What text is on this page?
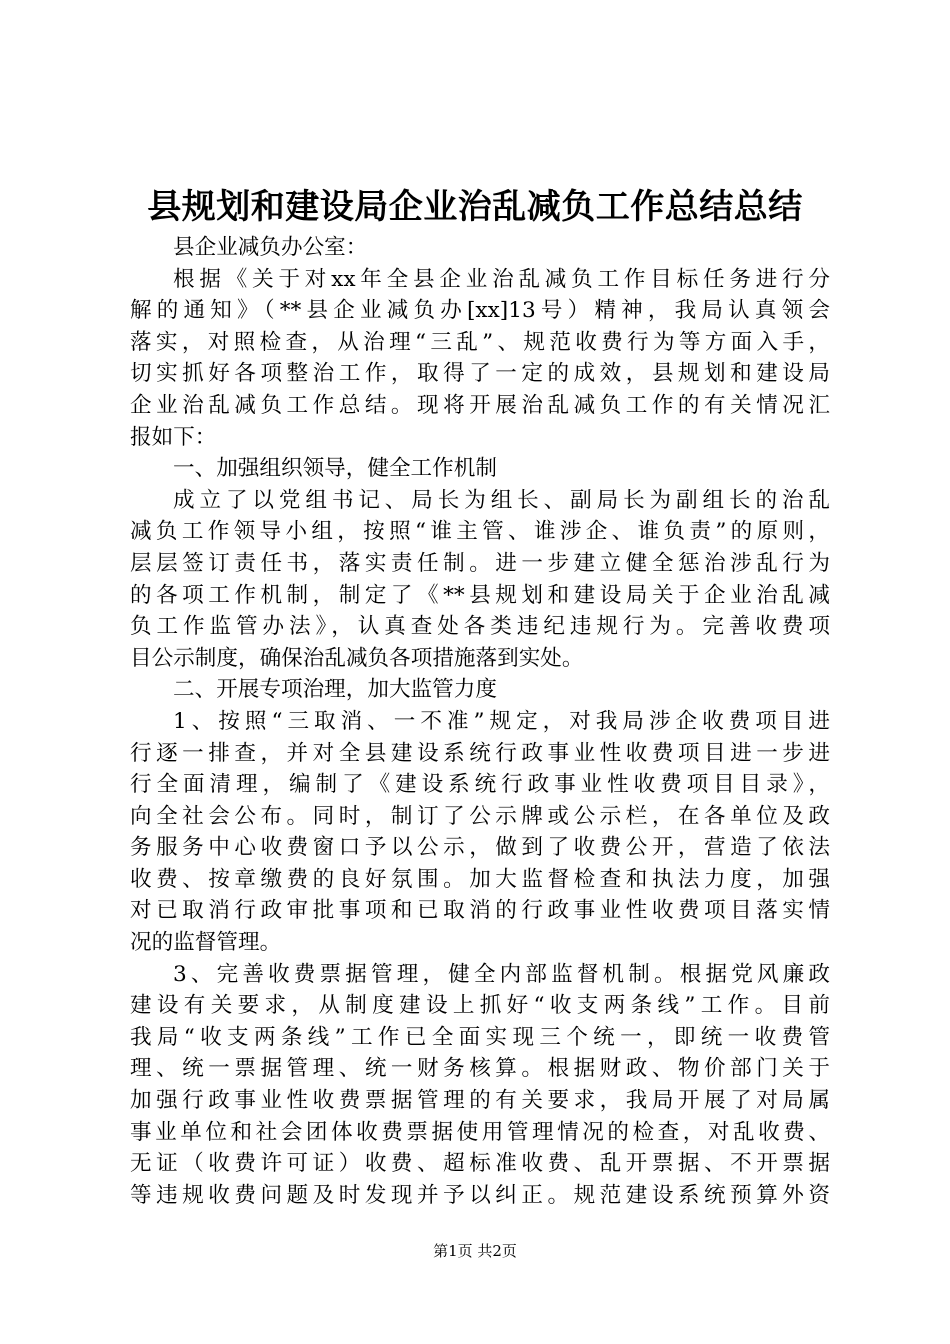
县规划和建设局企业治乱减负工作总结总结
县企业减负办公室：
根据《关于对xx年全县企业治乱减负工作目标任务进行分
解的通知》（**县企业减负办[xx]13号）精神，我局认真领会
落实，对照检查，从治理“三乱”、规范收费行为等方面入手，
切实抓好各项整治工作，取得了一定的成效，县规划和建设局
企业治乱减负工作总结。现将开展治乱减负工作的有关情况汇
报如下：
一、加强组织领导，健全工作机制
成立了以党组书记、局长为组长、副局长为副组长的治乱
减负工作领导小组，按照“谁主管、谁涉企、谁负责”的原则，
层层签订责任书，落实责任制。进一步建立健全惩治涉乱行为
的各项工作机制，制定了《**县规划和建设局关于企业治乱减
负工作监管办法》，认真查处各类违纪违规行为。完善收费项
目公示制度，确保治乱减负各项措施落到实处。
二、开展专项治理，加大监管力度
1、按照“三取消、一不准”规定，对我局涉企收费项目进
行逐一排查，并对全县建设系统行政事业性收费项目进一步进
行全面清理，编制了《建设系统行政事业性收费项目目录》，
向全社会公布。同时，制订了公示牌或公示栏，在各单位及政
务服务中心收费窗口予以公示，做到了收费公开，营造了依法
收费、按章缴费的良好氛围。加大监督检查和执法力度，加强
对已取消行政审批事项和已取消的行政事业性收费项目落实情
况的监督管理。
3、完善收费票据管理，健全内部监督机制。根据党风廉政
建设有关要求，从制度建设上抓好“收支两条线”工作。目前
我局“收支两条线”工作已全面实现三个统一，即统一收费管
理、统一票据管理、统一财务核算。根据财政、物价部门关于
加强行政事业性收费票据管理的有关要求，我局开展了对局属
事业单位和社会团体收费票据使用管理情况的检查，对乱收费、
无证（收费许可证）收费、超标准收费、乱开票据、不开票据
等违规收费问题及时发现并予以纠正。规范建设系统预算外资
第1页 共2页
